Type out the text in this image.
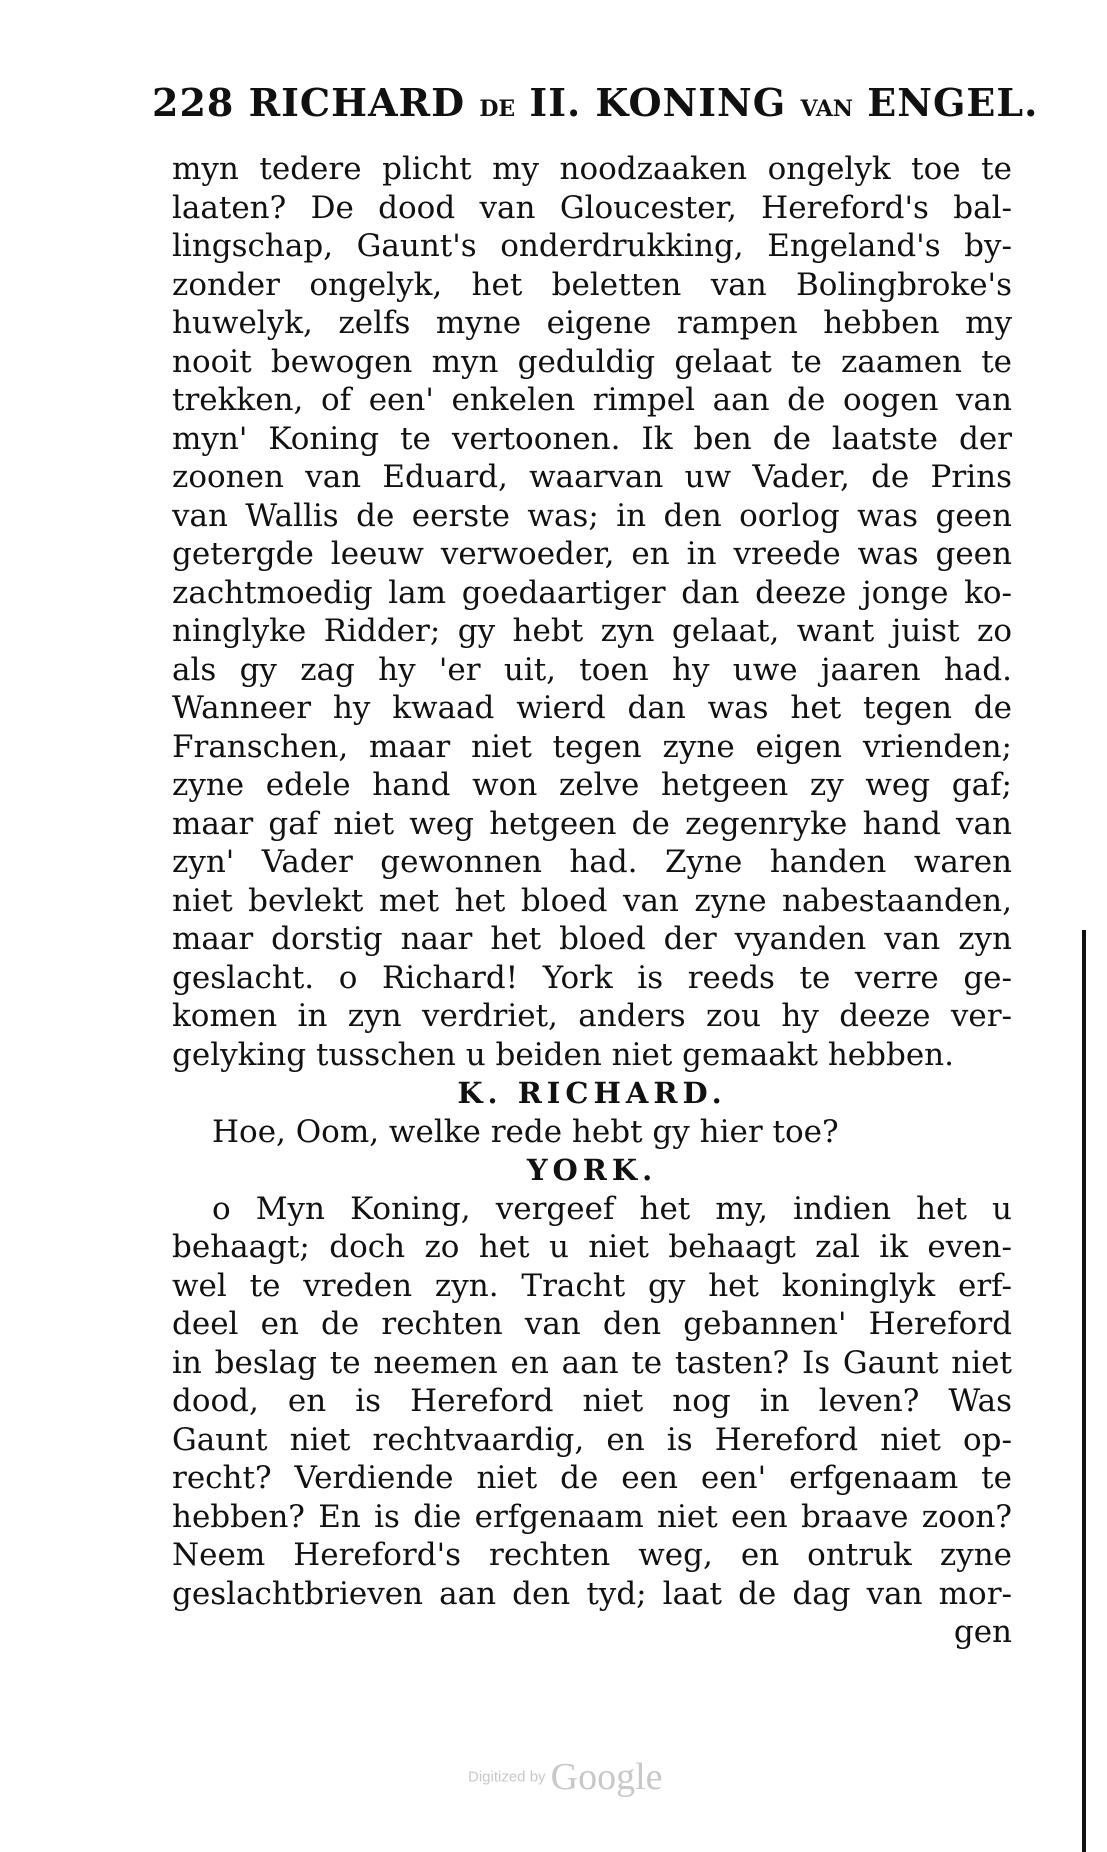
228 RICHARD DE II. KONING VAN ENGEL.
myn tedere plicht my noodzaaken ongelyk toe te
laaten? De dood van Gloucester, Hereford's bal-
lingschap, Gaunt's onderdrukking, Engeland's by-
zonder ongelyk, het beletten van Bolingbroke's
huwelyk, zelfs myne eigene rampen hebben my
nooit bewogen myn geduldig gelaat te zaamen te
trekken, of een' enkelen rimpel aan de oogen van
myn' Koning te vertoonen. Ik ben de laatste der
zoonen van Eduard, waarvan uw Vader, de Prins
van Wallis de eerste was; in den oorlog was geen
getergde leeuw verwoeder, en in vreede was geen
zachtmoedig lam goedaartiger dan deeze jonge ko-
ninglyke Ridder; gy hebt zyn gelaat, want juist zo
als gy zag hy 'er uit, toen hy uwe jaaren had.
Wanneer hy kwaad wierd dan was het tegen de
Franschen, maar niet tegen zyne eigen vrienden;
zyne edele hand won zelve hetgeen zy weg gaf;
maar gaf niet weg hetgeen de zegenryke hand van
zyn' Vader gewonnen had. Zyne handen waren
niet bevlekt met het bloed van zyne nabestaanden,
maar dorstig naar het bloed der vyanden van zyn
geslacht. o Richard! York is reeds te verre ge-
komen in zyn verdriet, anders zou hy deeze ver-
gelyking tusschen u beiden niet gemaakt hebben.
K. RICHARD.
Hoe, Oom, welke rede hebt gy hier toe?
YORK.
o Myn Koning, vergeef het my, indien het u
behaagt; doch zo het u niet behaagt zal ik even-
wel te vreden zyn. Tracht gy het koninglyk erf-
deel en de rechten van den gebannen' Hereford
in beslag te neemen en aan te tasten? Is Gaunt niet
dood, en is Hereford niet nog in leven? Was
Gaunt niet rechtvaardig, en is Hereford niet op-
recht? Verdiende niet de een een' erfgenaam te
hebben? En is die erfgenaam niet een braave zoon?
Neem Hereford's rechten weg, en ontruk zyne
geslachtbrieven aan den tyd; laat de dag van mor-
gen
Digitized by Google
